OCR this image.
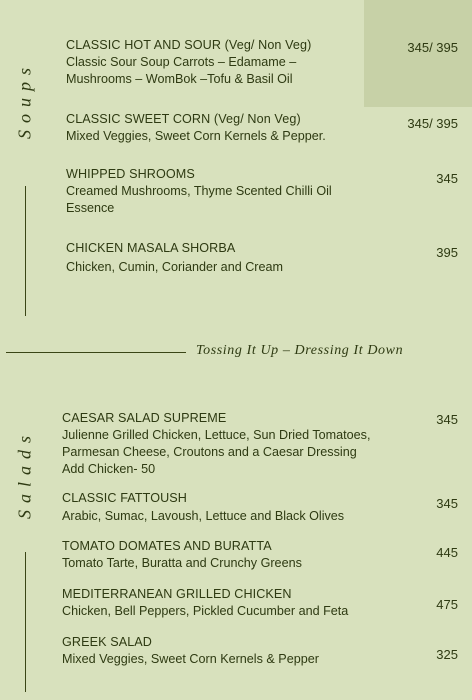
Soups
CLASSIC HOT AND SOUR (Veg/ Non Veg)
Classic Sour Soup Carrots – Edamame –
Mushrooms – WomBok –Tofu & Basil Oil
345/ 395
CLASSIC SWEET CORN (Veg/ Non Veg)
Mixed Veggies, Sweet Corn Kernels & Pepper.
345/ 395
WHIPPED SHROOMS
Creamed Mushrooms, Thyme Scented Chilli Oil
Essence
345
CHICKEN MASALA SHORBA
Chicken, Cumin, Coriander and Cream
395
Tossing It Up – Dressing It Down
Salads
CAESAR SALAD SUPREME
Julienne Grilled Chicken, Lettuce, Sun Dried Tomatoes,
Parmesan Cheese, Croutons and a Caesar Dressing
Add Chicken- 50
345
CLASSIC FATTOUSH
Arabic, Sumac, Lavoush, Lettuce and Black Olives
345
TOMATO DOMATES AND BURATTA
Tomato Tarte, Buratta and Crunchy Greens
445
MEDITERRANEAN GRILLED CHICKEN
Chicken, Bell Peppers, Pickled Cucumber and Feta	475
GREEK SALAD
Mixed Veggies, Sweet Corn Kernels & Pepper	325
